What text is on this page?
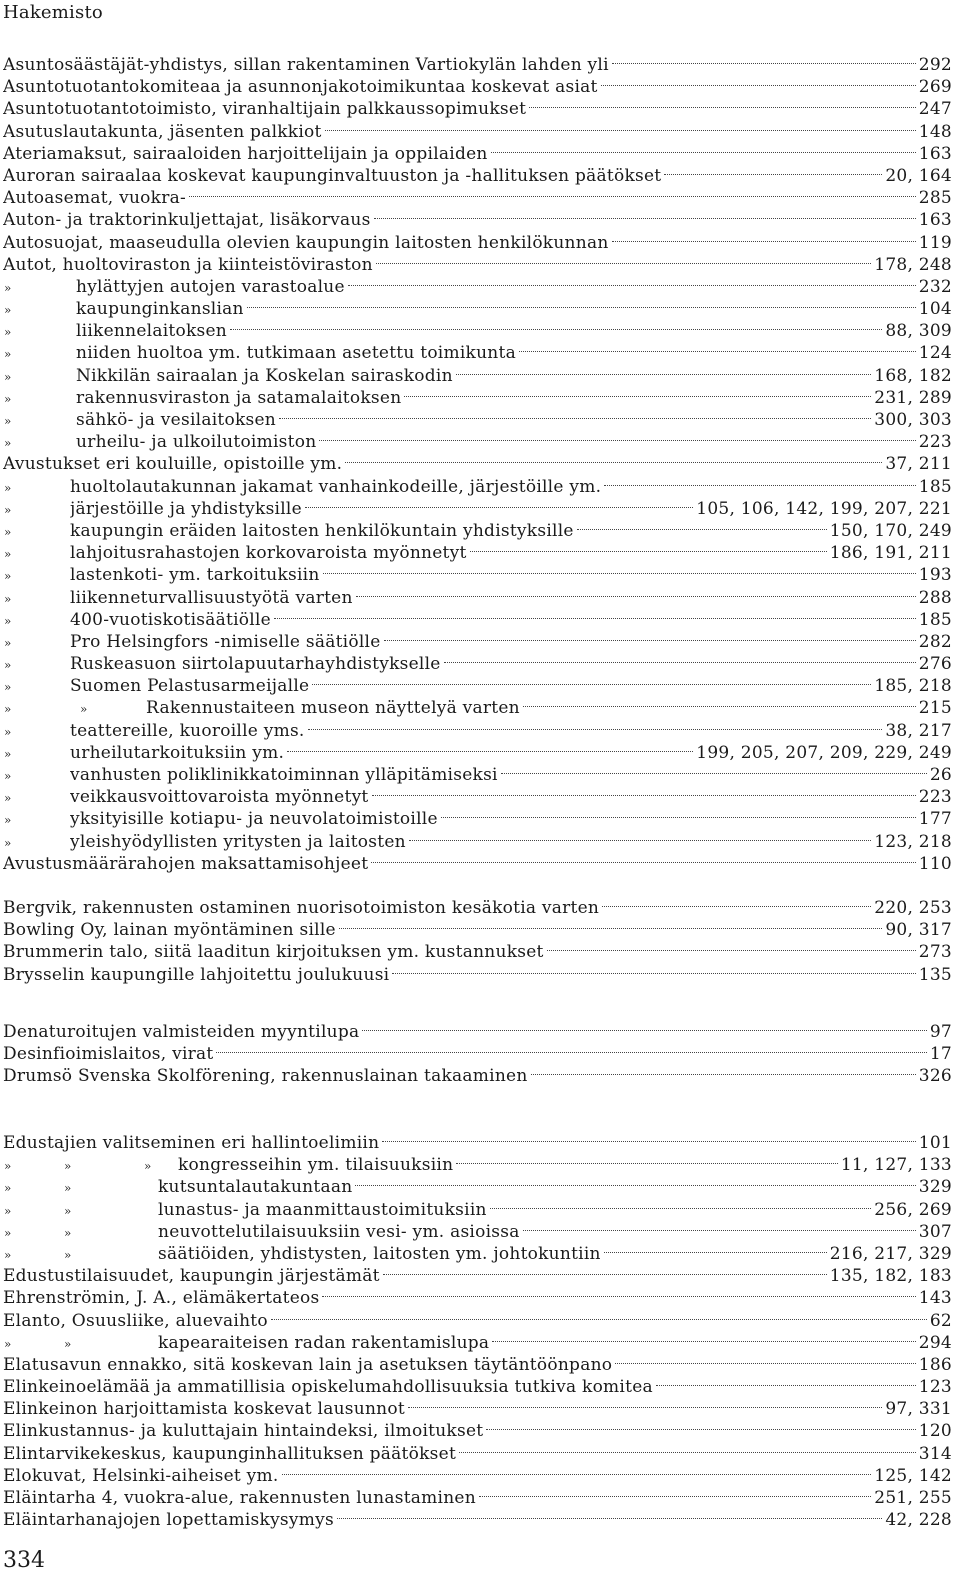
Hakemisto
Asuntosäästäjät-yhdistys, sillan rakentaminen Vartiokylän lahden yli	292
Asuntotuotantokomiteaa ja asunnonjakotoimikuntaa koskevat asiat	269
Asuntotuotantotoimisto, viranhaltijain palkkaussopimukset	247
Asutuslautakunta, jäsenten palkkiot	148
Ateriamaksut, sairaaloiden harjoittelijain ja oppilaiden	163
Auroran sairaalaa koskevat kaupunginvaltuuston ja -hallituksen päätökset	20, 164
Autoasemat, vuokra-	285
Auton- ja traktorinkuljettajat, lisäkorvaus	163
Autosuojat, maaseudulla olevien kaupungin laitosten henkilökunnan	119
Autot, huoltoviraston ja kiinteistöviraston	178, 248
»	hylättyjen autojen varastoalue	232
»	kaupunginkanslian	104
»	liikennelaitoksen	88, 309
»	niiden huoltoa ym. tutkimaan asetettu toimikunta	124
»	Nikkilän sairaalan ja Koskelan sairaskodin	168, 182
»	rakennusviraston ja satamalaitoksen	231, 289
»	sähkö- ja vesilaitoksen	300, 303
»	urheilu- ja ulkoilutoimiston	223
Avustukset eri kouluille, opistoille ym.	37, 211
»	huoltolautakunnan jakamat vanhainkodeille, järjestöille ym.	185
»	järjestöille ja yhdistyksille	105, 106, 142, 199, 207, 221
»	kaupungin eräiden laitosten henkilökuntain yhdistyksille	150, 170, 249
»	lahjoitusrahastojen korkovaroista myönnetyt	186, 191, 211
»	lastenkoti- ym. tarkoituksiin	193
»	liikenneturvallisuustyötä varten	288
»	400-vuotiskotisäätiölle	185
»	Pro Helsingfors -nimiselle säätiölle	282
»	Ruskeasuon siirtolapuutarhayhdistykselle	276
»	Suomen Pelastusarmeijalle	185, 218
»	»	Rakennustaiteen museon näyttelyä varten	215
»	teattereille, kuoroille yms.	38, 217
»	urheilutarkoituksiin ym.	199, 205, 207, 209, 229, 249
»	vanhusten poliklinikkatoiminnan ylläpitämiseksi	26
»	veikkausvoittovaroista myönnetyt	223
»	yksityisille kotiapu- ja neuvolatoimistoille	177
»	yleishyödyllisten yritysten ja laitosten	123, 218
Avustusmäärärahojen maksattamisohjeet	110
Bergvik, rakennusten ostaminen nuorisotoimiston kesäkotia varten	220, 253
Bowling Oy, lainan myöntäminen sille	90, 317
Brummerin talo, siitä laaditun kirjoituksen ym. kustannukset	273
Brysselin kaupungille lahjoitettu joulukuusi	135
Denaturoitujen valmisteiden myyntilupa	97
Desinfioimislaitos, virat	17
Drumsö Svenska Skolförening, rakennuslainan takaaminen	326
Edustajien valitseminen eri hallintoelimiin	101
»	»	»	kongresseihin ym. tilaisuuksiin	11, 127, 133
»	»	kutsuntalautakuntaan	329
»	»	lunastus- ja maanmittaustoimituksiin	256, 269
»	»	neuvottelutilaisuuksiin vesi- ym. asioissa	307
»	»	säätiöiden, yhdistysten, laitosten ym. johtokuntiin	216, 217, 329
Edustustilaisuudet, kaupungin järjestämät	135, 182, 183
Ehrenströmin, J. A., elämäkertateos	143
Elanto, Osuusliike, aluevaihto	62
»	»	kapearaiteisen radan rakentamislupa	294
Elatusavun ennakko, sitä koskevan lain ja asetuksen täytäntöönpano	186
Elinkeinoelämää ja ammatillisia opiskelumahdollisuuksia tutkiva komitea	123
Elinkeinon harjoittamista koskevat lausunnot	97, 331
Elinkustannus- ja kuluttajain hintaindeksi, ilmoitukset	120
Elintarvikekeskus, kaupunginhallituksen päätökset	314
Elokuvat, Helsinki-aiheiset ym.	125, 142
Eläintarha 4, vuokra-alue, rakennusten lunastaminen	251, 255
Eläintarhanajojen lopettamiskysymys	42, 228
334
